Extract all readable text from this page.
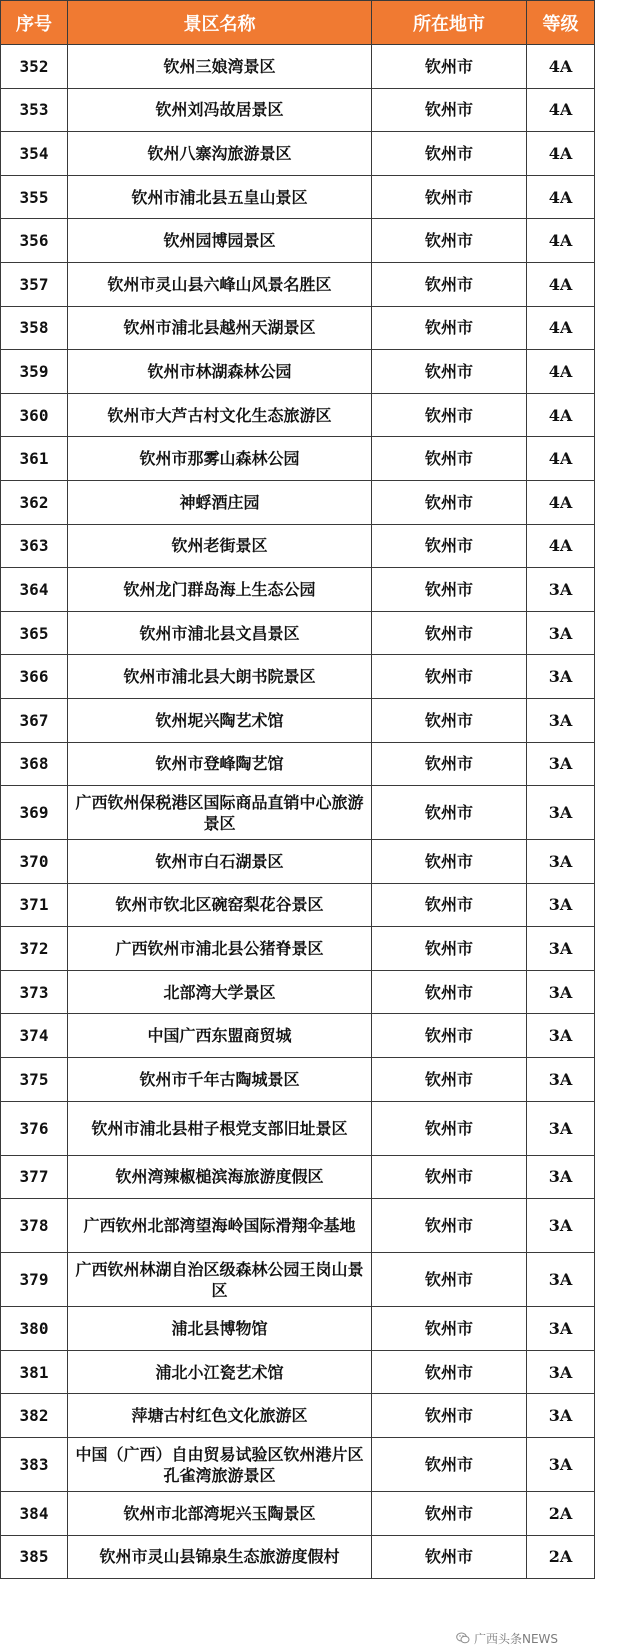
序号	景区名称	所在地市	等级
352	钦州三娘湾景区	钦州市	4A
353	钦州刘冯故居景区	钦州市	4A
354	钦州八寨沟旅游景区	钦州市	4A
355	钦州市浦北县五皇山景区	钦州市	4A
356	钦州园博园景区	钦州市	4A
357	钦州市灵山县六峰山风景名胜区	钦州市	4A
358	钦州市浦北县越州天湖景区	钦州市	4A
359	钦州市林湖森林公园	钦州市	4A
360	钦州市大芦古村文化生态旅游区	钦州市	4A
361	钦州市那雾山森林公园	钦州市	4A
362	神蜉酒庄园	钦州市	4A
363	钦州老街景区	钦州市	4A
364	钦州龙门群岛海上生态公园	钦州市	3A
365	钦州市浦北县文昌景区	钦州市	3A
366	钦州市浦北县大朗书院景区	钦州市	3A
367	钦州坭兴陶艺术馆	钦州市	3A
368	钦州市登峰陶艺馆	钦州市	3A
369	广西钦州保税港区国际商品直销中心旅游景区	钦州市	3A
370	钦州市白石湖景区	钦州市	3A
371	钦州市钦北区碗窑梨花谷景区	钦州市	3A
372	广西钦州市浦北县公猪脊景区	钦州市	3A
373	北部湾大学景区	钦州市	3A
374	中国广西东盟商贸城	钦州市	3A
375	钦州市千年古陶城景区	钦州市	3A
376	钦州市浦北县柑子根党支部旧址景区	钦州市	3A
377	钦州湾辣椒槌滨海旅游度假区	钦州市	3A
378	广西钦州北部湾望海岭国际滑翔伞基地	钦州市	3A
379	广西钦州林湖自治区级森林公园王岗山景区	钦州市	3A
380	浦北县博物馆	钦州市	3A
381	浦北小江瓷艺术馆	钦州市	3A
382	萍塘古村红色文化旅游区	钦州市	3A
383	中国（广西）自由贸易试验区钦州港片区孔雀湾旅游景区	钦州市	3A
384	钦州市北部湾坭兴玉陶景区	钦州市	2A
385	钦州市灵山县锦泉生态旅游度假村	钦州市	2A
广西头条NEWS
